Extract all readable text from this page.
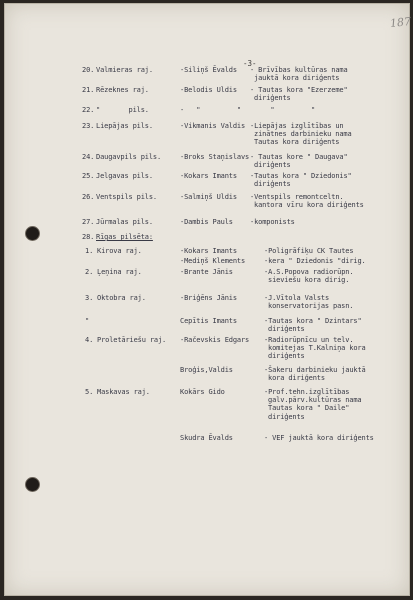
187
-3-
20. Valmieras raj.	-Siliņš Ēvalds - Brīvības kultūras nama
jauktā kora diriģents
21. Rēzeknes raj.	-Belodis Uldis - Tautas kora "Ezerzeme"
diriģents
22. "       pils.	-   "         " "         "
23. Liepājas pils.	-Vikmanis Valdis -Liepājas izglītības un
zinātnes darbinieku nama
Tautas kora diriģents
24. Daugavpils pils.	-Broks Staņislavs - Tautas kore " Daugava"
diriģents
25. Jelgavas pils.	-Kokars Imants -Tautas kora " Dziedonis"
diriģents
26. Ventspils pils.	-Salmiņš Uldis -Ventspils remontceltn.
kantora vīru kora diriģents
27. Jūrmalas pils.	-Dambis Pauls -komponists
28. Rīgas pilsēta:
1. Kirova raj.	-Kokars Imants	-Poligrāfiķu CK Tautes
-Mediņš Klements	-kera " Dziedonis "dirig.
2. Ļeņina raj.	-Brante Jānis	-A.S.Popova radiorūpn.
sieviešu kora dirig.
3. Oktobra raj.	-Briģēns Jānis	-J.Vītola Valsts
konservatorijas pasn.
"	Cepītis Imants	-Tautas kora " Dzintars"
diriģents
4. Proletāriešu raj. -Račevskis Edgars -Radiorūpnīcu un telv.
komitejas T.Kalniņa kora
diriģents
Broģis,Valdis	-Šakeru darbinieku jauktā
kora diriģents
5. Maskavas raj.	Kokārs Gido	-Prof.tehn.izglītības
galv.pārv.kultūras nama
Tautas kora " Daile"
diriģents
Skudra Ēvalds	- VEF jauktā kora diriģents
